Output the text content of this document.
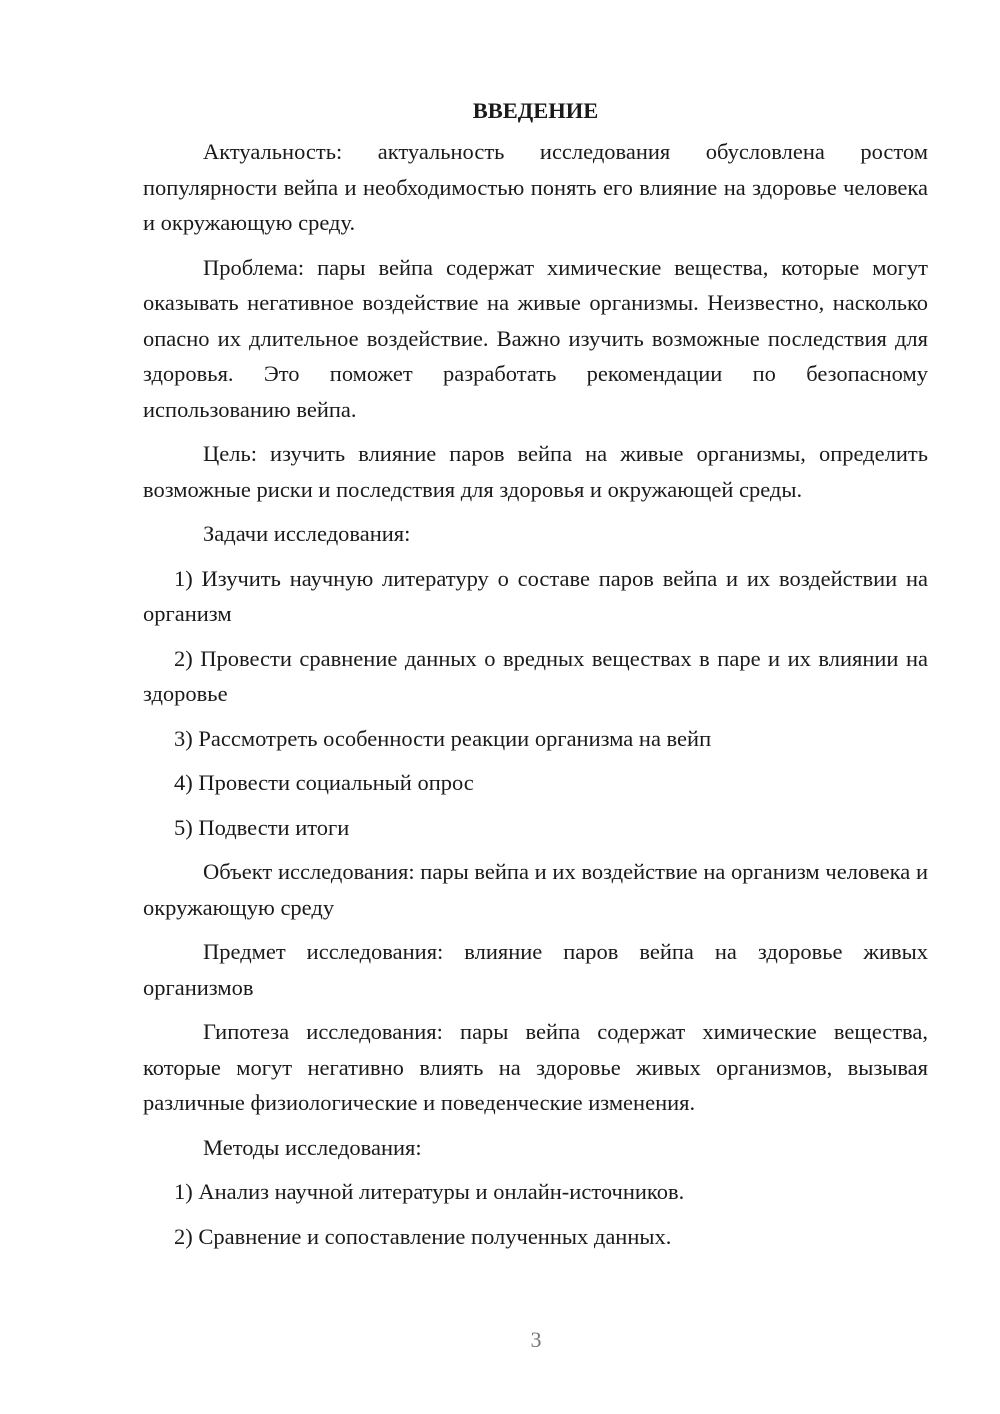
ВВЕДЕНИЕ

Актуальность: актуальность исследования обусловлена ростом популярности вейпа и необходимостью понять его влияние на здоровье человека и окружающую среду.

Проблема: пары вейпа содержат химические вещества, которые могут оказывать негативное воздействие на живые организмы. Неизвестно, насколько опасно их длительное воздействие. Важно изучить возможные последствия для здоровья. Это поможет разработать рекомендации по безопасному использованию вейпа.

Цель: изучить влияние паров вейпа на живые организмы, определить возможные риски и последствия для здоровья и окружающей среды.

Задачи исследования:

1) Изучить научную литературу о составе паров вейпа и их воздействии на организм

2) Провести сравнение данных о вредных веществах в паре и их влиянии на здоровье

3) Рассмотреть особенности реакции организма на вейп

4) Провести социальный опрос

5) Подвести итоги

Объект исследования: пары вейпа и их воздействие на организм человека и окружающую среду

Предмет исследования: влияние паров вейпа на здоровье живых организмов

Гипотеза исследования: пары вейпа содержат химические вещества, которые могут негативно влиять на здоровье живых организмов, вызывая различные физиологические и поведенческие изменения.

Методы исследования:

1) Анализ научной литературы и онлайн-источников.

2) Сравнение и сопоставление полученных данных.

3
